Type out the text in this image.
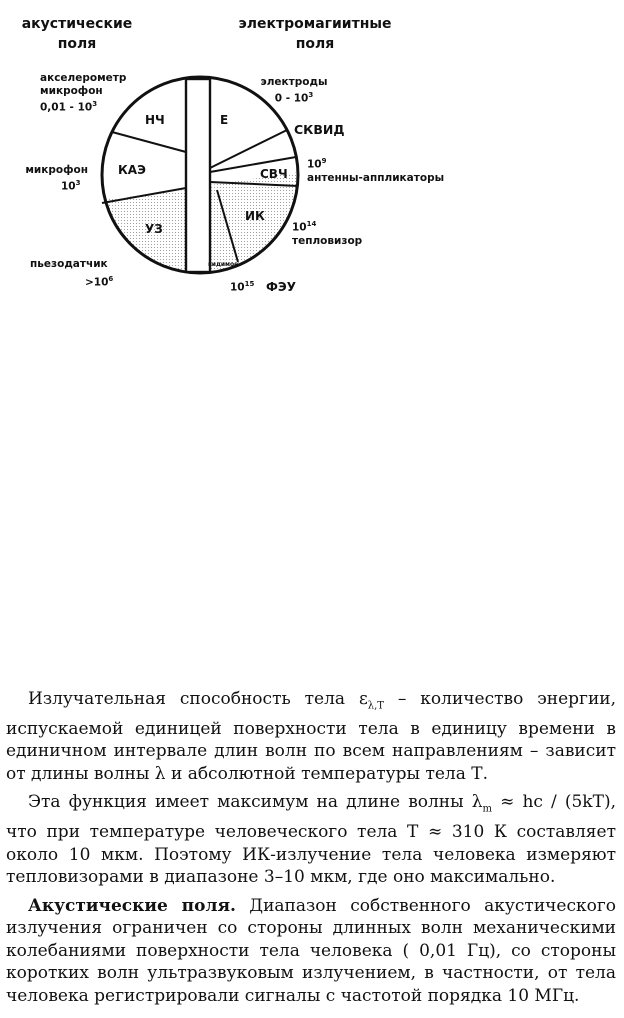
акустические
поля
электромагиитные
поля
акселерометр
микрофон
$0,01 - 10^3$
микрофон
$10^3$
пьезодатчик
$>10^6$
электроды
$0 - 10^3$
СКВИД
$10^9$
антенны-аппликаторы
$10^{14}$
тепловизор
$10^{15}$ ФЭУ
НЧ
КАЭ
УЗ
Е
СВЧ
ИК
видимое

Излучательная способность тела $\varepsilon_{\lambda,T}$ – количество энергии, испускаемой единицей поверхности тела в единицу времени в единичном интервале длин волн по всем направлениям – зависит от длины волны λ и абсолютной температуры тела Т.

Эта функция имеет максимум на длине волны $\lambda_m$ ≈ hc / (5kT), что при температуре человеческого тела Т ≈ 310 К составляет около 10 мкм. Поэтому ИК-излучение тела человека измеряют тепловизорами в диапазоне 3–10 мкм, где оно максимально.

Акустические поля. Диапазон собственного акустического излучения ограничен со стороны длинных волн механическими колебаниями поверхности тела человека ( 0,01 Гц), со стороны коротких волн ультразвуковым излучением, в частности, от тела человека регистрировали сигналы с частотой порядка 10 МГц.
